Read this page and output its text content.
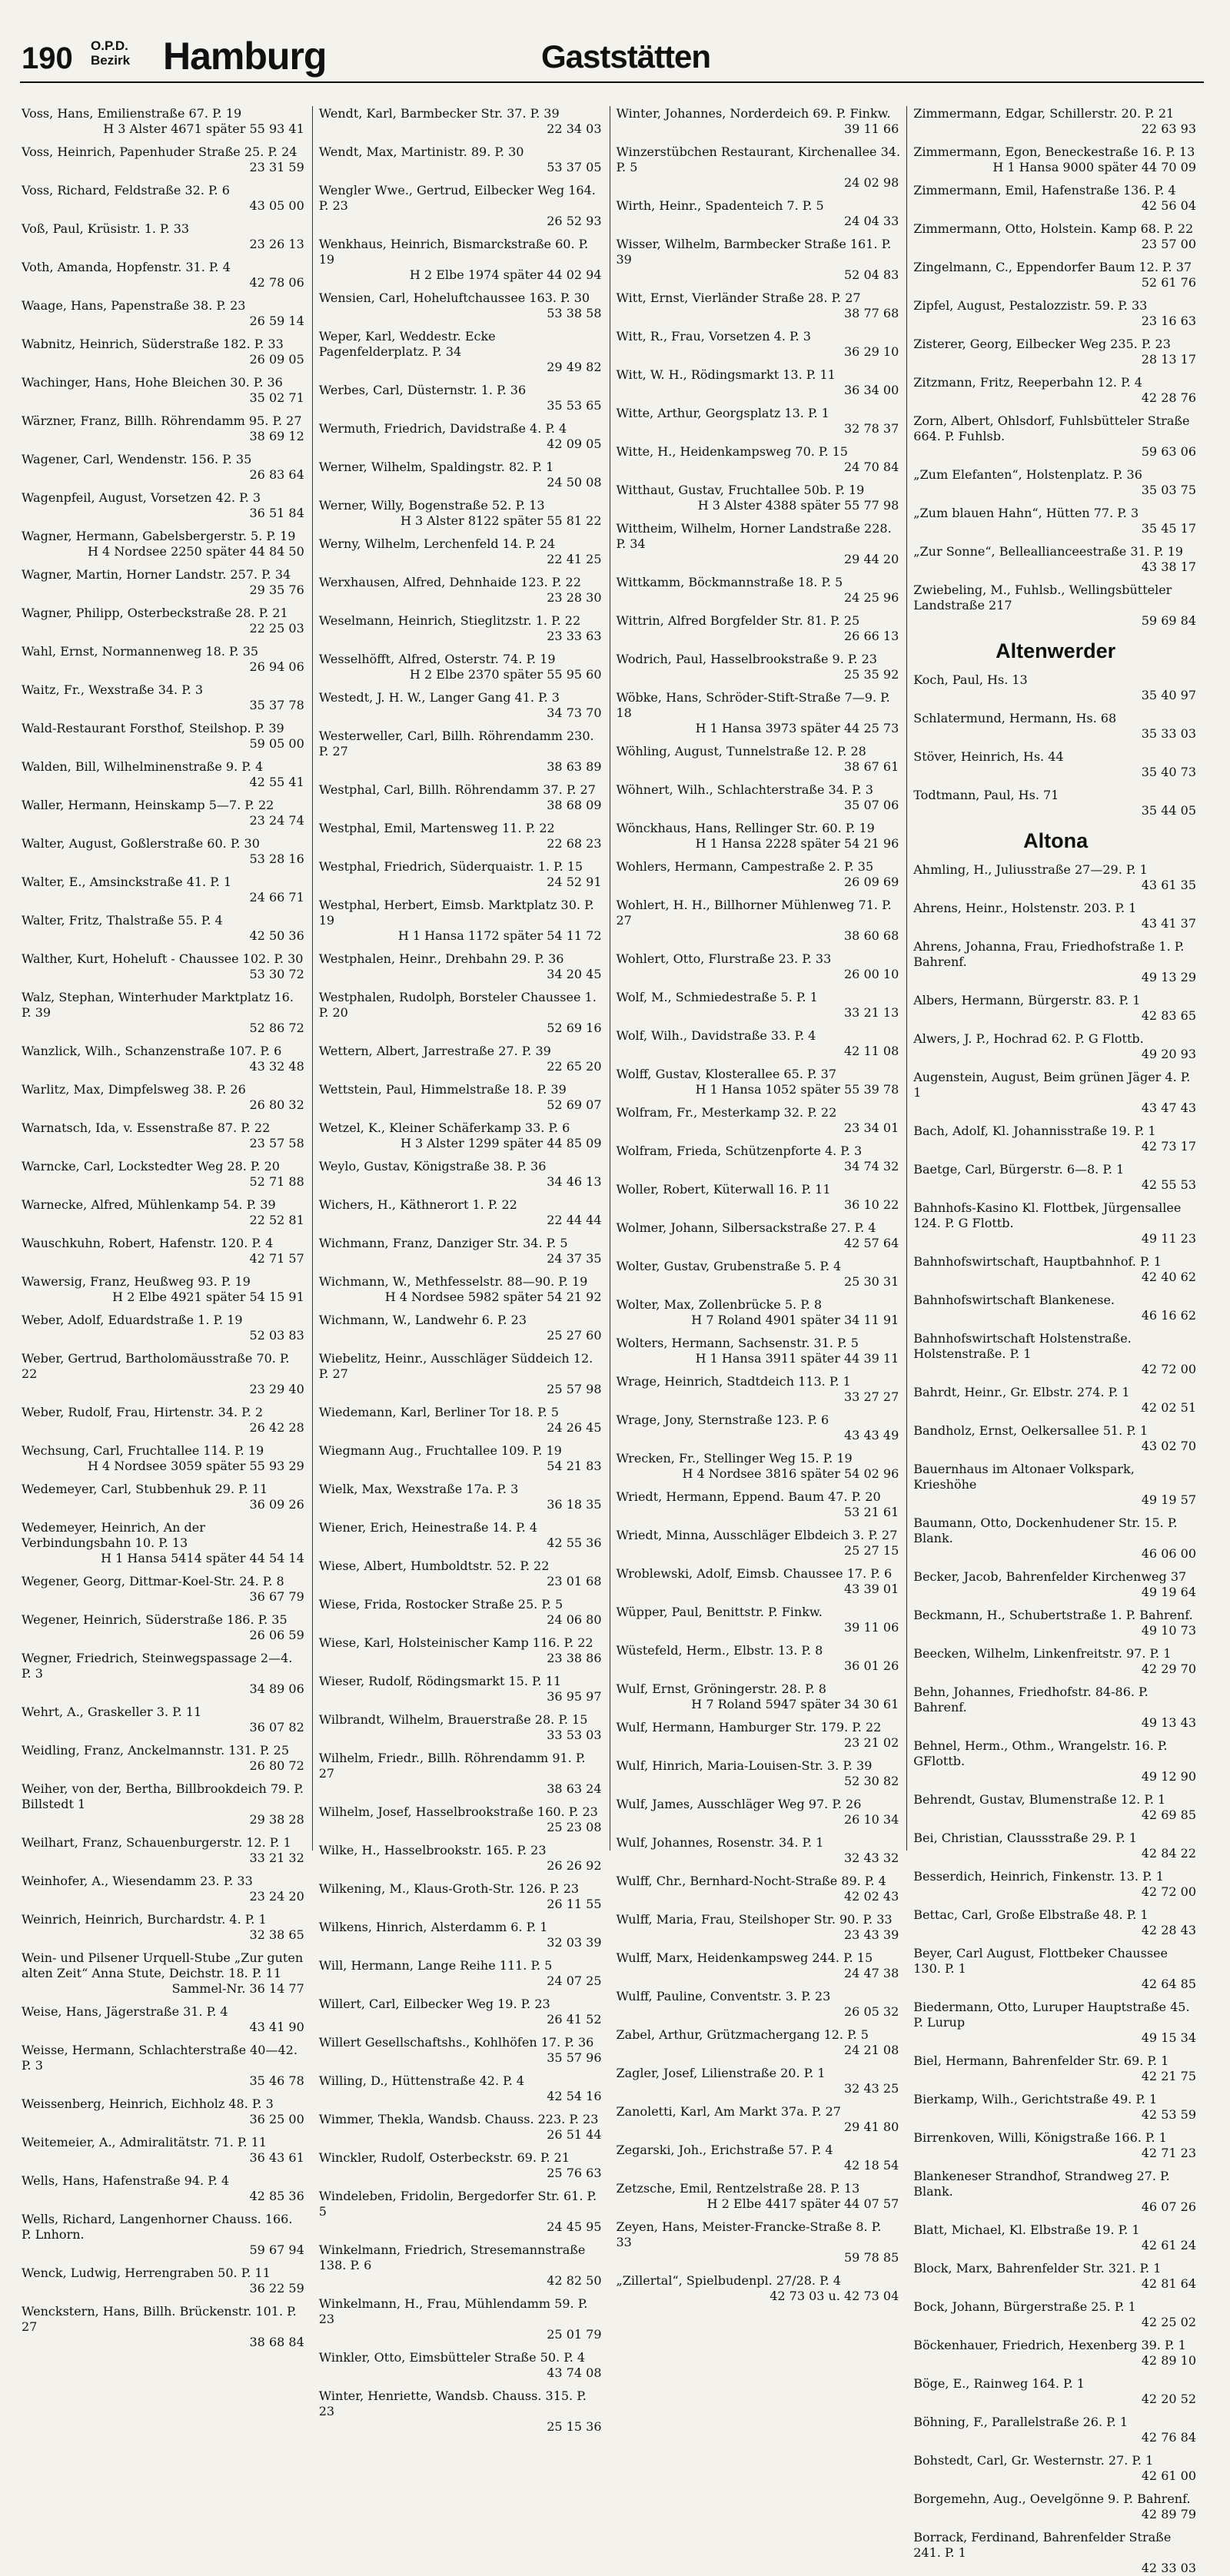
190 O.P.D.
Bezirk Hamburg	Gaststätten
Voss, Hans, Emilienstraße 67. P. 19
H 3 Alster 4671 später 55 93 41
Voss, Heinrich, Papenhuder Straße 25. P. 24
23 31 59
Voss, Richard, Feldstraße 32. P. 6
43 05 00
Voß, Paul, Krüsistr. 1. P. 33
23 26 13
Voth, Amanda, Hopfenstr. 31. P. 4
42 78 06
Waage, Hans, Papenstraße 38. P. 23
26 59 14
Wabnitz, Heinrich, Süderstraße 182. P. 33
26 09 05
Wachinger, Hans, Hohe Bleichen 30. P. 36
35 02 71
Wärzner, Franz, Billh. Röhrendamm 95. P. 27
38 69 12
Wagener, Carl, Wendenstr. 156. P. 35
26 83 64
Wagenpfeil, August, Vorsetzen 42. P. 3
36 51 84
Wagner, Hermann, Gabelsbergerstr. 5. P. 19
H 4 Nordsee 2250 später 44 84 50
Wagner, Martin, Horner Landstr. 257. P. 34
29 35 76
Wagner, Philipp, Osterbeckstraße 28. P. 21
22 25 03
Wahl, Ernst, Normannenweg 18. P. 35
26 94 06
Waitz, Fr., Wexstraße 34. P. 3
35 37 78
Wald-Restaurant Forsthof, Steilshop. P. 39
59 05 00
Walden, Bill, Wilhelminenstraße 9. P. 4
42 55 41
Waller, Hermann, Heinskamp 5—7. P. 22
23 24 74
Walter, August, Goßlerstraße 60. P. 30
53 28 16
Walter, E., Amsinckstraße 41. P. 1
24 66 71
Walter, Fritz, Thalstraße 55. P. 4
42 50 36
Walther, Kurt, Hoheluft - Chaussee 102. P. 30
53 30 72
Walz, Stephan, Winterhuder Marktplatz 16. P. 39
52 86 72
Wanzlick, Wilh., Schanzenstraße 107. P. 6
43 32 48
Warlitz, Max, Dimpfelsweg 38. P. 26
26 80 32
Warnatsch, Ida, v. Essenstraße 87. P. 22
23 57 58
Warncke, Carl, Lockstedter Weg 28. P. 20
52 71 88
Warnecke, Alfred, Mühlenkamp 54. P. 39
22 52 81
Wauschkuhn, Robert, Hafenstr. 120. P. 4
42 71 57
Wawersig, Franz, Heußweg 93. P. 19
H 2 Elbe 4921 später 54 15 91
Weber, Adolf, Eduardstraße 1. P. 19
52 03 83
Weber, Gertrud, Bartholomäusstraße 70. P. 22
23 29 40
Weber, Rudolf, Frau, Hirtenstr. 34. P. 2
26 42 28
Wechsung, Carl, Fruchtallee 114. P. 19
H 4 Nordsee 3059 später 55 93 29
Wedemeyer, Carl, Stubbenhuk 29. P. 11
36 09 26
Wedemeyer, Heinrich, An der Verbindungsbahn 10. P. 13
H 1 Hansa 5414 später 44 54 14
Wegener, Georg, Dittmar-Koel-Str. 24. P. 8
36 67 79
Wegener, Heinrich, Süderstraße 186. P. 35
26 06 59
Wegner, Friedrich, Steinwegspassage 2—4. P. 3
34 89 06
Wehrt, A., Graskeller 3. P. 11
36 07 82
Weidling, Franz, Anckelmannstr. 131. P. 25
26 80 72
Weiher, von der, Bertha, Billbrookdeich 79. P. Billstedt 1
29 38 28
Weilhart, Franz, Schauenburgerstr. 12. P. 1
33 21 32
Weinhofer, A., Wiesendamm 23. P. 33
23 24 20
Weinrich, Heinrich, Burchardstr. 4. P. 1
32 38 65
Wein- und Pilsener Urquell-Stube „Zur guten alten Zeit“ Anna Stute, Deichstr. 18. P. 11
Sammel-Nr. 36 14 77
Weise, Hans, Jägerstraße 31. P. 4
43 41 90
Weisse, Hermann, Schlachterstraße 40—42. P. 3
35 46 78
Weissenberg, Heinrich, Eichholz 48. P. 3
36 25 00
Weitemeier, A., Admiralitätstr. 71. P. 11
36 43 61
Wells, Hans, Hafenstraße 94. P. 4
42 85 36
Wells, Richard, Langenhorner Chauss. 166. P. Lnhorn.
59 67 94
Wenck, Ludwig, Herrengraben 50. P. 11
36 22 59
Wenckstern, Hans, Billh. Brückenstr. 101. P. 27
38 68 84
Wendt, Karl, Barmbecker Str. 37. P. 39
22 34 03
Wendt, Max, Martinistr. 89. P. 30
53 37 05
Wengler Wwe., Gertrud, Eilbecker Weg 164. P. 23
26 52 93
Wenkhaus, Heinrich, Bismarckstraße 60. P. 19
H 2 Elbe 1974 später 44 02 94
Wensien, Carl, Hoheluftchaussee 163. P. 30
53 38 58
Weper, Karl, Weddestr. Ecke Pagenfelderplatz. P. 34
29 49 82
Werbes, Carl, Düsternstr. 1. P. 36
35 53 65
Wermuth, Friedrich, Davidstraße 4. P. 4
42 09 05
Werner, Wilhelm, Spaldingstr. 82. P. 1
24 50 08
Werner, Willy, Bogenstraße 52. P. 13
H 3 Alster 8122 später 55 81 22
Werny, Wilhelm, Lerchenfeld 14. P. 24
22 41 25
Werxhausen, Alfred, Dehnhaide 123. P. 22
23 28 30
Weselmann, Heinrich, Stieglitzstr. 1. P. 22
23 33 63
Wesselhöfft, Alfred, Osterstr. 74. P. 19
H 2 Elbe 2370 später 55 95 60
Westedt, J. H. W., Langer Gang 41. P. 3
34 73 70
Westerweller, Carl, Billh. Röhrendamm 230. P. 27
38 63 89
Westphal, Carl, Billh. Röhrendamm 37. P. 27
38 68 09
Westphal, Emil, Martensweg 11. P. 22
22 68 23
Westphal, Friedrich, Süderquaistr. 1. P. 15
24 52 91
Westphal, Herbert, Eimsb. Marktplatz 30. P. 19
H 1 Hansa 1172 später 54 11 72
Westphalen, Heinr., Drehbahn 29. P. 36
34 20 45
Westphalen, Rudolph, Borsteler Chaussee 1. P. 20
52 69 16
Wettern, Albert, Jarrestraße 27. P. 39
22 65 20
Wettstein, Paul, Himmelstraße 18. P. 39
52 69 07
Wetzel, K., Kleiner Schäferkamp 33. P. 6
H 3 Alster 1299 später 44 85 09
Weylo, Gustav, Königstraße 38. P. 36
34 46 13
Wichers, H., Käthnerort 1. P. 22
22 44 44
Wichmann, Franz, Danziger Str. 34. P. 5
24 37 35
Wichmann, W., Methfesselstr. 88—90. P. 19
H 4 Nordsee 5982 später 54 21 92
Wichmann, W., Landwehr 6. P. 23
25 27 60
Wiebelitz, Heinr., Ausschläger Süddeich 12. P. 27
25 57 98
Wiedemann, Karl, Berliner Tor 18. P. 5
24 26 45
Wiegmann Aug., Fruchtallee 109. P. 19
54 21 83
Wielk, Max, Wexstraße 17a. P. 3
36 18 35
Wiener, Erich, Heinestraße 14. P. 4
42 55 36
Wiese, Albert, Humboldtstr. 52. P. 22
23 01 68
Wiese, Frida, Rostocker Straße 25. P. 5
24 06 80
Wiese, Karl, Holsteinischer Kamp 116. P. 22
23 38 86
Wieser, Rudolf, Rödingsmarkt 15. P. 11
36 95 97
Wilbrandt, Wilhelm, Brauerstraße 28. P. 15
33 53 03
Wilhelm, Friedr., Billh. Röhrendamm 91. P. 27
38 63 24
Wilhelm, Josef, Hasselbrookstraße 160. P. 23
25 23 08
Wilke, H., Hasselbrookstr. 165. P. 23
26 26 92
Wilkening, M., Klaus-Groth-Str. 126. P. 23
26 11 55
Wilkens, Hinrich, Alsterdamm 6. P. 1
32 03 39
Will, Hermann, Lange Reihe 111. P. 5
24 07 25
Willert, Carl, Eilbecker Weg 19. P. 23
26 41 52
Willert Gesellschaftshs., Kohlhöfen 17. P. 36
35 57 96
Willing, D., Hüttenstraße 42. P. 4
42 54 16
Wimmer, Thekla, Wandsb. Chauss. 223. P. 23
26 51 44
Winckler, Rudolf, Osterbeckstr. 69. P. 21
25 76 63
Windeleben, Fridolin, Bergedorfer Str. 61. P. 5
24 45 95
Winkelmann, Friedrich, Stresemannstraße 138. P. 6
42 82 50
Winkelmann, H., Frau, Mühlendamm 59. P. 23
25 01 79
Winkler, Otto, Eimsbütteler Straße 50. P. 4
43 74 08
Winter, Henriette, Wandsb. Chauss. 315. P. 23
25 15 36
Winter, Johannes, Norderdeich 69. P. Finkw.
39 11 66
Winzerstübchen Restaurant, Kirchenallee 34. P. 5
24 02 98
Wirth, Heinr., Spadenteich 7. P. 5
24 04 33
Wisser, Wilhelm, Barmbecker Straße 161. P. 39
52 04 83
Witt, Ernst, Vierländer Straße 28. P. 27
38 77 68
Witt, R., Frau, Vorsetzen 4. P. 3
36 29 10
Witt, W. H., Rödingsmarkt 13. P. 11
36 34 00
Witte, Arthur, Georgsplatz 13. P. 1
32 78 37
Witte, H., Heidenkampsweg 70. P. 15
24 70 84
Witthaut, Gustav, Fruchtallee 50b. P. 19
H 3 Alster 4388 später 55 77 98
Wittheim, Wilhelm, Horner Landstraße 228. P. 34
29 44 20
Wittkamm, Böckmannstraße 18. P. 5
24 25 96
Wittrin, Alfred Borgfelder Str. 81. P. 25
26 66 13
Wodrich, Paul, Hasselbrookstraße 9. P. 23
25 35 92
Wöbke, Hans, Schröder-Stift-Straße 7—9. P. 18
H 1 Hansa 3973 später 44 25 73
Wöhling, August, Tunnelstraße 12. P. 28
38 67 61
Wöhnert, Wilh., Schlachterstraße 34. P. 3
35 07 06
Wönckhaus, Hans, Rellinger Str. 60. P. 19
H 1 Hansa 2228 später 54 21 96
Wohlers, Hermann, Campestraße 2. P. 35
26 09 69
Wohlert, H. H., Billhorner Mühlenweg 71. P. 27
38 60 68
Wohlert, Otto, Flurstraße 23. P. 33
26 00 10
Wolf, M., Schmiedestraße 5. P. 1
33 21 13
Wolf, Wilh., Davidstraße 33. P. 4
42 11 08
Wolff, Gustav, Klosterallee 65. P. 37
H 1 Hansa 1052 später 55 39 78
Wolfram, Fr., Mesterkamp 32. P. 22
23 34 01
Wolfram, Frieda, Schützenpforte 4. P. 3
34 74 32
Woller, Robert, Küterwall 16. P. 11
36 10 22
Wolmer, Johann, Silbersackstraße 27. P. 4
42 57 64
Wolter, Gustav, Grubenstraße 5. P. 4
25 30 31
Wolter, Max, Zollenbrücke 5. P. 8
H 7 Roland 4901 später 34 11 91
Wolters, Hermann, Sachsenstr. 31. P. 5
H 1 Hansa 3911 später 44 39 11
Wrage, Heinrich, Stadtdeich 113. P. 1
33 27 27
Wrage, Jony, Sternstraße 123. P. 6
43 43 49
Wrecken, Fr., Stellinger Weg 15. P. 19
H 4 Nordsee 3816 später 54 02 96
Wriedt, Hermann, Eppend. Baum 47. P. 20
53 21 61
Wriedt, Minna, Ausschläger Elbdeich 3. P. 27
25 27 15
Wroblewski, Adolf, Eimsb. Chaussee 17. P. 6
43 39 01
Wüpper, Paul, Benittstr. P. Finkw.
39 11 06
Wüstefeld, Herm., Elbstr. 13. P. 8
36 01 26
Wulf, Ernst, Gröningerstr. 28. P. 8
H 7 Roland 5947 später 34 30 61
Wulf, Hermann, Hamburger Str. 179. P. 22
23 21 02
Wulf, Hinrich, Maria-Louisen-Str. 3. P. 39
52 30 82
Wulf, James, Ausschläger Weg 97. P. 26
26 10 34
Wulf, Johannes, Rosenstr. 34. P. 1
32 43 32
Wulff, Chr., Bernhard-Nocht-Straße 89. P. 4
42 02 43
Wulff, Maria, Frau, Steilshoper Str. 90. P. 33
23 43 39
Wulff, Marx, Heidenkampsweg 244. P. 15
24 47 38
Wulff, Pauline, Conventstr. 3. P. 23
26 05 32
Zabel, Arthur, Grützmachergang 12. P. 5
24 21 08
Zagler, Josef, Lilienstraße 20. P. 1
32 43 25
Zanoletti, Karl, Am Markt 37a. P. 27
29 41 80
Zegarski, Joh., Erichstraße 57. P. 4
42 18 54
Zetzsche, Emil, Rentzelstraße 28. P. 13
H 2 Elbe 4417 später 44 07 57
Zeyen, Hans, Meister-Francke-Straße 8. P. 33
59 78 85
„Zillertal“, Spielbudenpl. 27/28. P. 4
42 73 03 u. 42 73 04
Zimmermann, Edgar, Schillerstr. 20. P. 21
22 63 93
Zimmermann, Egon, Beneckestraße 16. P. 13
H 1 Hansa 9000 später 44 70 09
Zimmermann, Emil, Hafenstraße 136. P. 4
42 56 04
Zimmermann, Otto, Holstein. Kamp 68. P. 22
23 57 00
Zingelmann, C., Eppendorfer Baum 12. P. 37
52 61 76
Zipfel, August, Pestalozzistr. 59. P. 33
23 16 63
Zisterer, Georg, Eilbecker Weg 235. P. 23
28 13 17
Zitzmann, Fritz, Reeperbahn 12. P. 4
42 28 76
Zorn, Albert, Ohlsdorf, Fuhlsbütteler Straße 664. P. Fuhlsb.
59 63 06
„Zum Elefanten“, Holstenplatz. P. 36
35 03 75
„Zum blauen Hahn“, Hütten 77. P. 3
35 45 17
„Zur Sonne“, Belleallianceestraße 31. P. 19
43 38 17
Zwiebeling, M., Fuhlsb., Wellingsbütteler Landstraße 217
59 69 84
Altenwerder
Koch, Paul, Hs. 13
35 40 97
Schlatermund, Hermann, Hs. 68
35 33 03
Stöver, Heinrich, Hs. 44
35 40 73
Todtmann, Paul, Hs. 71
35 44 05
Altona
Ahmling, H., Juliusstraße 27—29. P. 1
43 61 35
Ahrens, Heinr., Holstenstr. 203. P. 1
43 41 37
Ahrens, Johanna, Frau, Friedhofstraße 1. P. Bahrenf.
49 13 29
Albers, Hermann, Bürgerstr. 83. P. 1
42 83 65
Alwers, J. P., Hochrad 62. P. G Flottb.
49 20 93
Augenstein, August, Beim grünen Jäger 4. P. 1
43 47 43
Bach, Adolf, Kl. Johannisstraße 19. P. 1
42 73 17
Baetge, Carl, Bürgerstr. 6—8. P. 1
42 55 53
Bahnhofs-Kasino Kl. Flottbek, Jürgensallee 124. P. G Flottb.
49 11 23
Bahnhofswirtschaft, Hauptbahnhof. P. 1
42 40 62
Bahnhofswirtschaft Blankenese.
46 16 62
Bahnhofswirtschaft Holstenstraße. Holstenstraße. P. 1
42 72 00
Bahrdt, Heinr., Gr. Elbstr. 274. P. 1
42 02 51
Bandholz, Ernst, Oelkersallee 51. P. 1
43 02 70
Bauernhaus im Altonaer Volkspark, Krieshöhe
49 19 57
Baumann, Otto, Dockenhudener Str. 15. P. Blank.
46 06 00
Becker, Jacob, Bahrenfelder Kirchenweg 37
49 19 64
Beckmann, H., Schubertstraße 1. P. Bahrenf.
49 10 73
Beecken, Wilhelm, Linkenfreitstr. 97. P. 1
42 29 70
Behn, Johannes, Friedhofstr. 84-86. P. Bahrenf.
49 13 43
Behnel, Herm., Othm., Wrangelstr. 16. P. GFlottb.
49 12 90
Behrendt, Gustav, Blumenstraße 12. P. 1
42 69 85
Bei, Christian, Claussstraße 29. P. 1
42 84 22
Besserdich, Heinrich, Finkenstr. 13. P. 1
42 72 00
Bettac, Carl, Große Elbstraße 48. P. 1
42 28 43
Beyer, Carl August, Flottbeker Chaussee 130. P. 1
42 64 85
Biedermann, Otto, Luruper Hauptstraße 45. P. Lurup
49 15 34
Biel, Hermann, Bahrenfelder Str. 69. P. 1
42 21 75
Bierkamp, Wilh., Gerichtstraße 49. P. 1
42 53 59
Birrenkoven, Willi, Königstraße 166. P. 1
42 71 23
Blankeneser Strandhof, Strandweg 27. P. Blank.
46 07 26
Blatt, Michael, Kl. Elbstraße 19. P. 1
42 61 24
Block, Marx, Bahrenfelder Str. 321. P. 1
42 81 64
Bock, Johann, Bürgerstraße 25. P. 1
42 25 02
Böckenhauer, Friedrich, Hexenberg 39. P. 1
42 89 10
Böge, E., Rainweg 164. P. 1
42 20 52
Böhning, F., Parallelstraße 26. P. 1
42 76 84
Bohstedt, Carl, Gr. Westernstr. 27. P. 1
42 61 00
Borgemehn, Aug., Oevelgönne 9. P. Bahrenf.
42 89 79
Borrack, Ferdinand, Bahrenfelder Straße 241. P. 1
42 33 03
